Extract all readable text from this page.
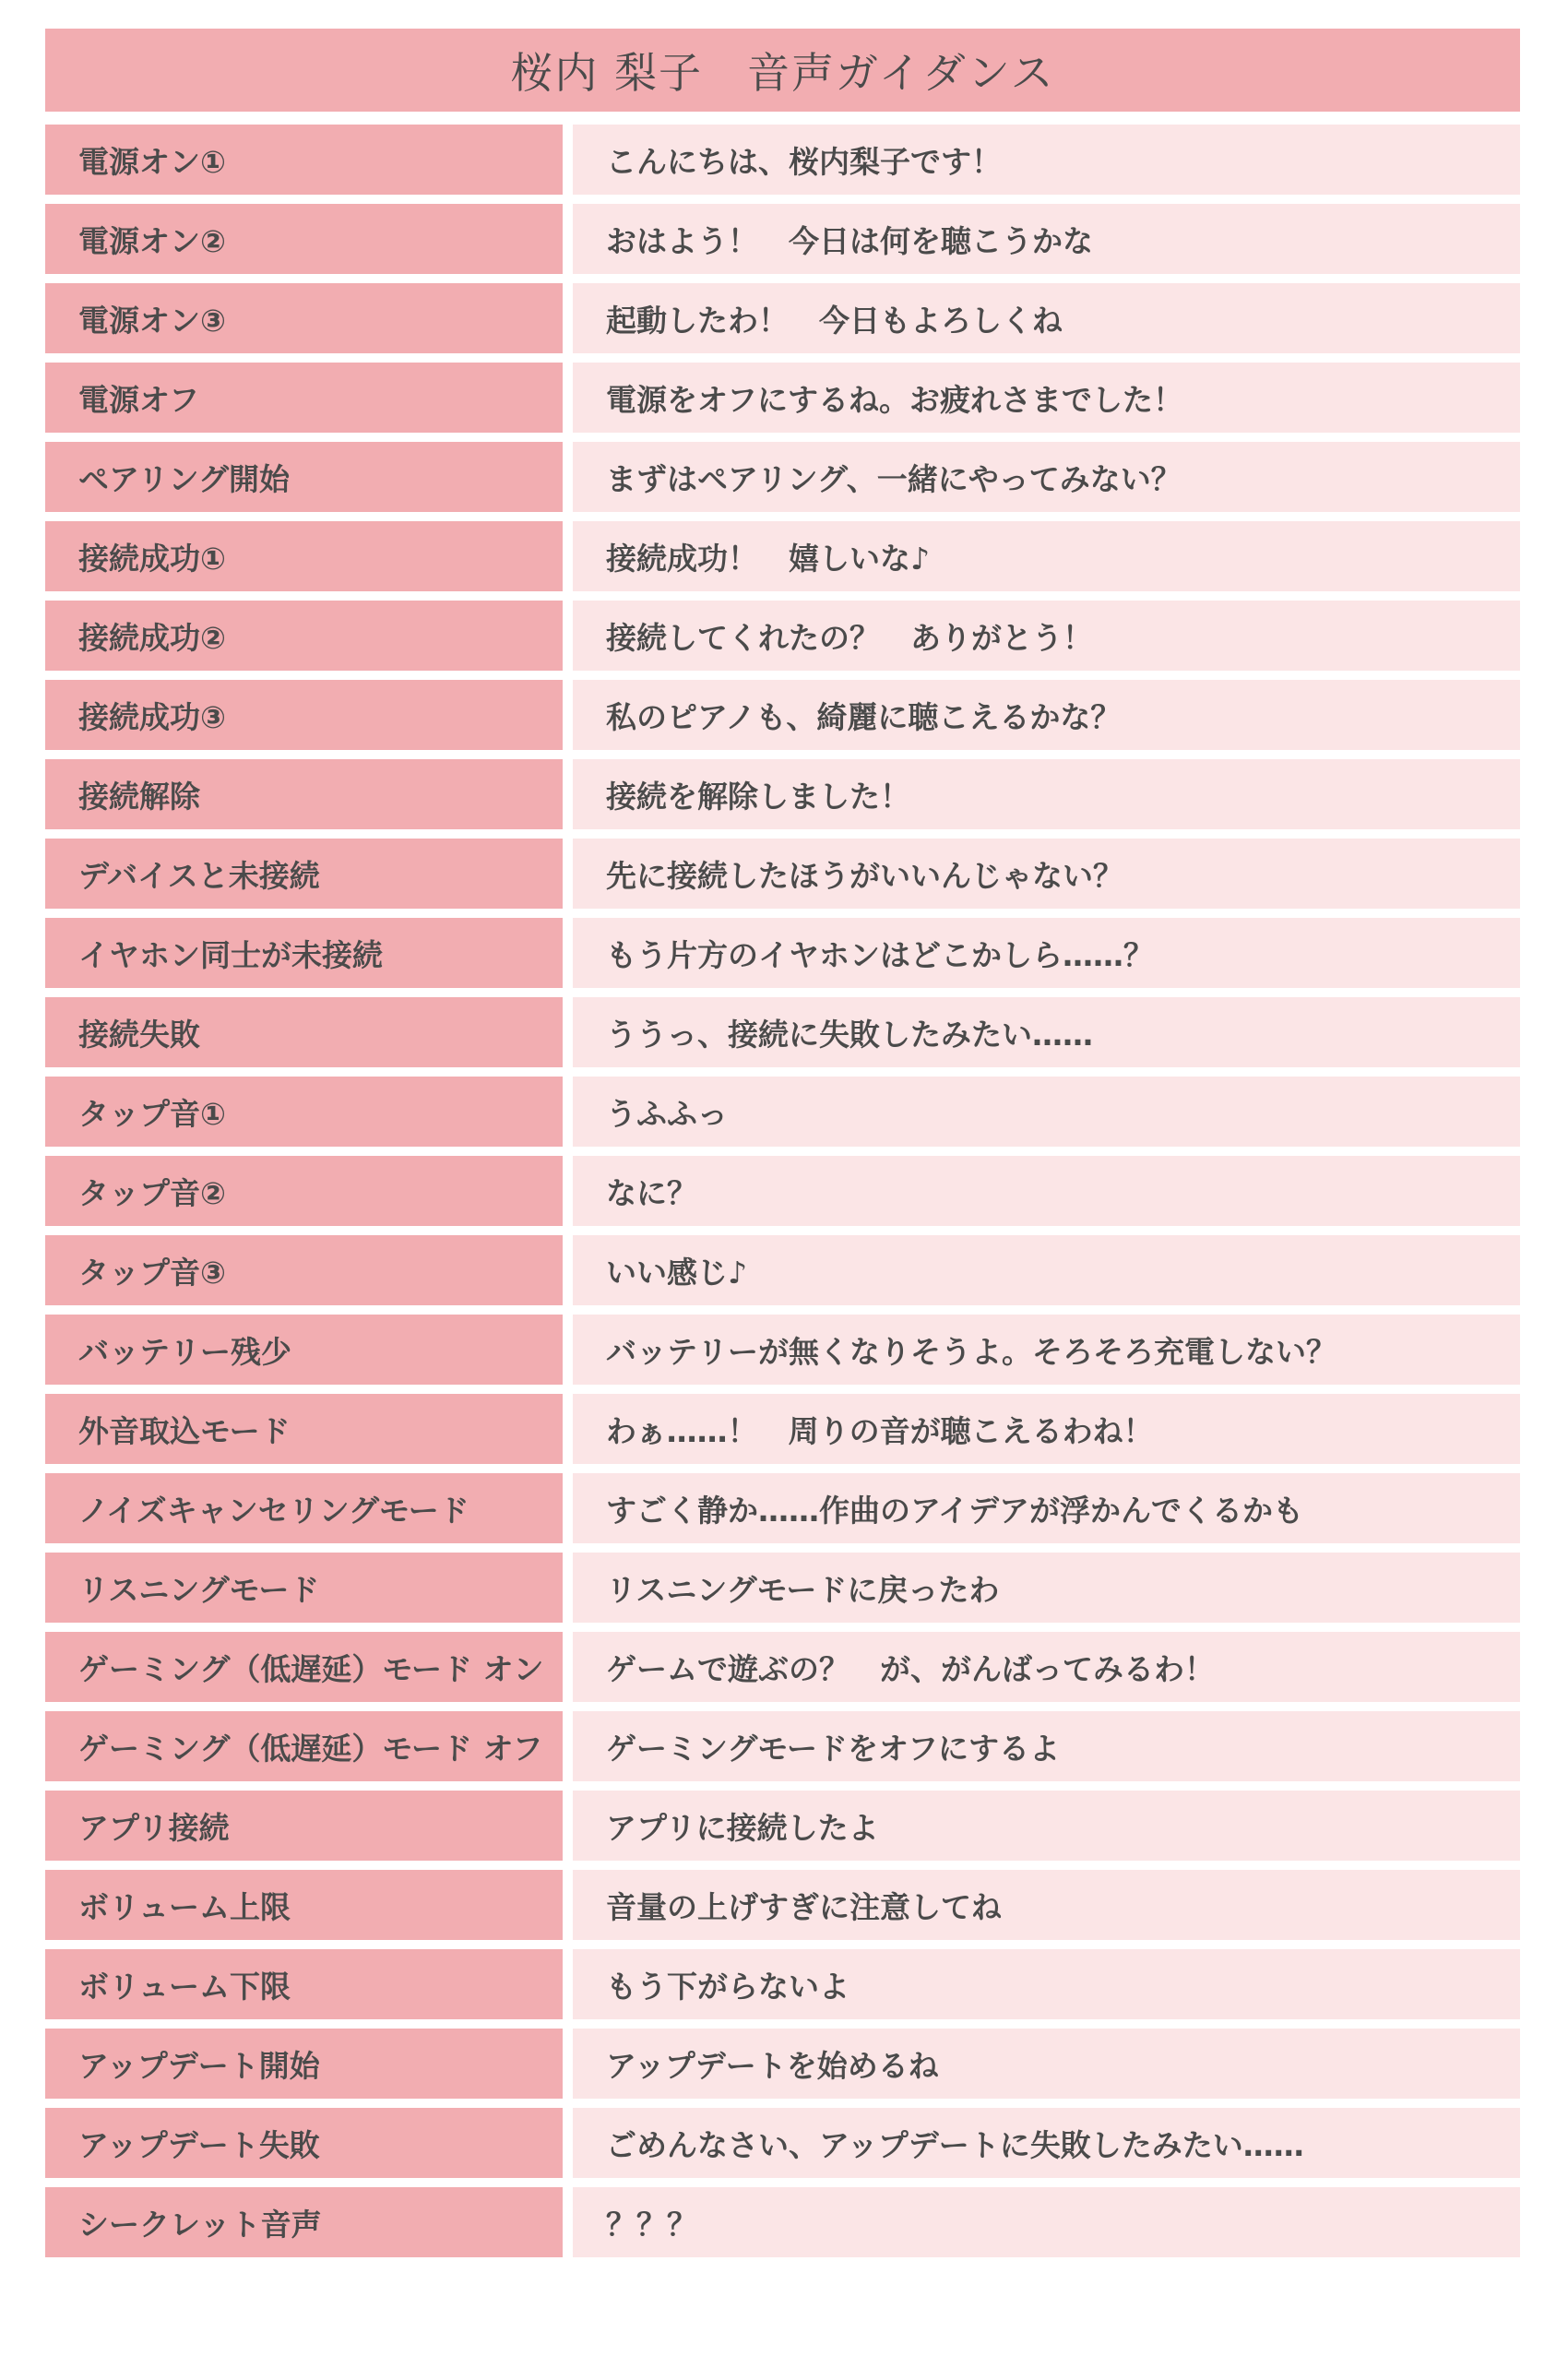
桜内 梨子　音声ガイダンス
電源オン①	こんにちは、桜内梨子です！
電源オン②	おはよう！　今日は何を聴こうかな
電源オン③	起動したわ！　今日もよろしくね
電源オフ	電源をオフにするね。お疲れさまでした！
ペアリング開始	まずはペアリング、一緒にやってみない？
接続成功①	接続成功！　嬉しいな♪
接続成功②	接続してくれたの？　ありがとう！
接続成功③	私のピアノも、綺麗に聴こえるかな？
接続解除	接続を解除しました！
デバイスと未接続	先に接続したほうがいいんじゃない？
イヤホン同士が未接続	もう片方のイヤホンはどこかしら……？
接続失敗	ううっ、接続に失敗したみたい……
タップ音①	うふふっ
タップ音②	なに？
タップ音③	いい感じ♪
バッテリー残少	バッテリーが無くなりそうよ。そろそろ充電しない？
外音取込モード	わぁ……！　周りの音が聴こえるわね！
ノイズキャンセリングモード	すごく静か……作曲のアイデアが浮かんでくるかも
リスニングモード	リスニングモードに戻ったわ
ゲーミング（低遅延）モード オン	ゲームで遊ぶの？　が、がんばってみるわ！
ゲーミング（低遅延）モード オフ	ゲーミングモードをオフにするよ
アプリ接続	アプリに接続したよ
ボリューム上限	音量の上げすぎに注意してね
ボリューム下限	もう下がらないよ
アップデート開始	アップデートを始めるね
アップデート失敗	ごめんなさい、アップデートに失敗したみたい……
シークレット音声	？？？
